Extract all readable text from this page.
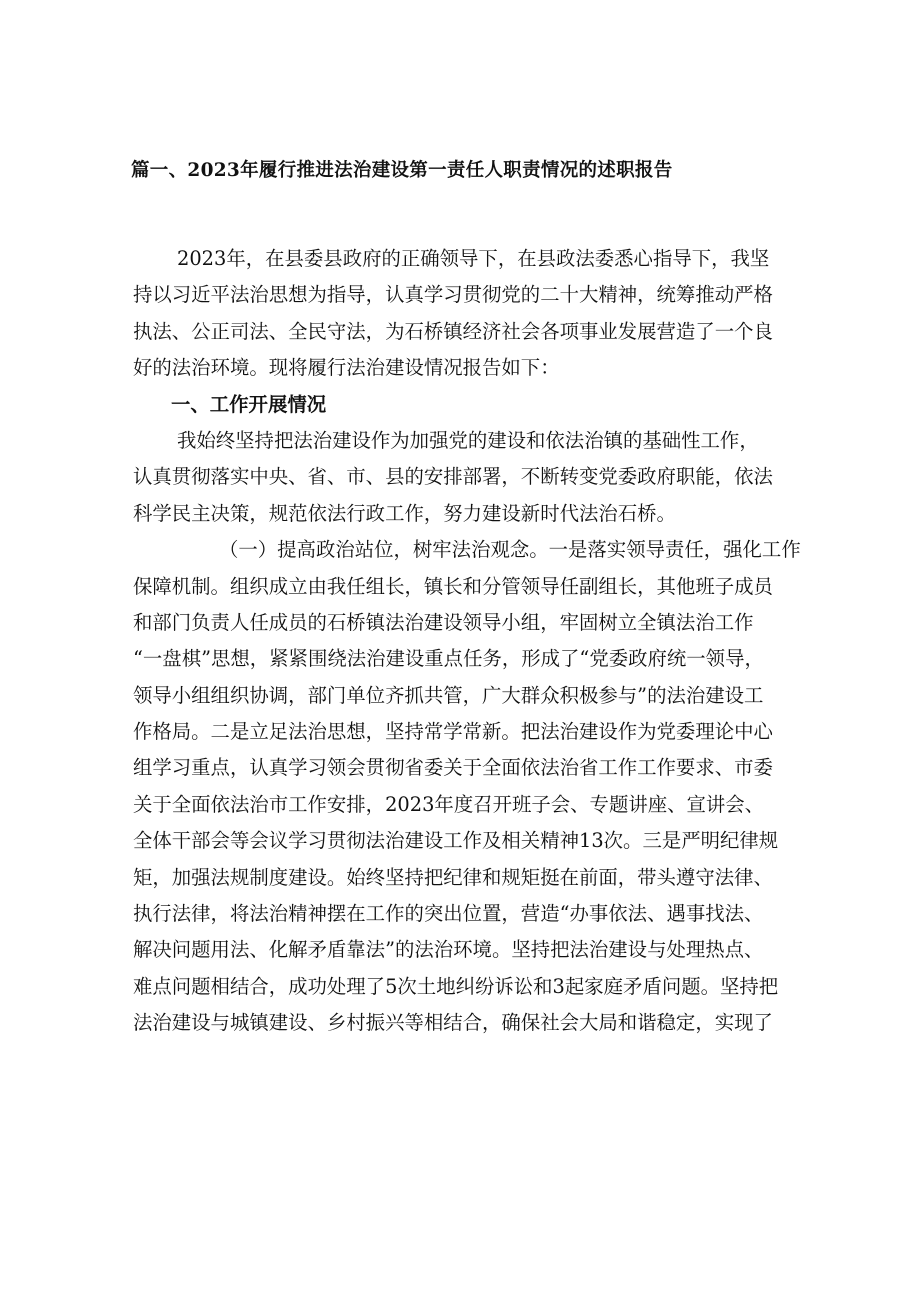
篇一、2023年履行推进法治建设第一责任人职责情况的述职报告
2023年，在县委县政府的正确领导下，在县政法委悉心指导下，我坚
持以习近平法治思想为指导，认真学习贯彻党的二十大精神，统筹推动严格
执法、公正司法、全民守法，为石桥镇经济社会各项事业发展营造了一个良
好的法治环境。现将履行法治建设情况报告如下：
一、工作开展情况
我始终坚持把法治建设作为加强党的建设和依法治镇的基础性工作，
认真贯彻落实中央、省、市、县的安排部署，不断转变党委政府职能，依法
科学民主决策，规范依法行政工作，努力建设新时代法治石桥。
（一）提高政治站位，树牢法治观念。一是落实领导责任，强化工作
保障机制。组织成立由我任组长，镇长和分管领导任副组长，其他班子成员
和部门负责人任成员的石桥镇法治建设领导小组，牢固树立全镇法治工作
“一盘棋”思想，紧紧围绕法治建设重点任务，形成了“党委政府统一领导，
领导小组组织协调，部门单位齐抓共管，广大群众积极参与”的法治建设工
作格局。二是立足法治思想，坚持常学常新。把法治建设作为党委理论中心
组学习重点，认真学习领会贯彻省委关于全面依法治省工作工作要求、市委
关于全面依法治市工作安排，2023年度召开班子会、专题讲座、宣讲会、
全体干部会等会议学习贯彻法治建设工作及相关精神13次。三是严明纪律规
矩，加强法规制度建设。始终坚持把纪律和规矩挺在前面，带头遵守法律、
执行法律，将法治精神摆在工作的突出位置，营造“办事依法、遇事找法、
解决问题用法、化解矛盾靠法”的法治环境。坚持把法治建设与处理热点、
难点问题相结合，成功处理了5次土地纠纷诉讼和3起家庭矛盾问题。坚持把
法治建设与城镇建设、乡村振兴等相结合，确保社会大局和谐稳定，实现了
